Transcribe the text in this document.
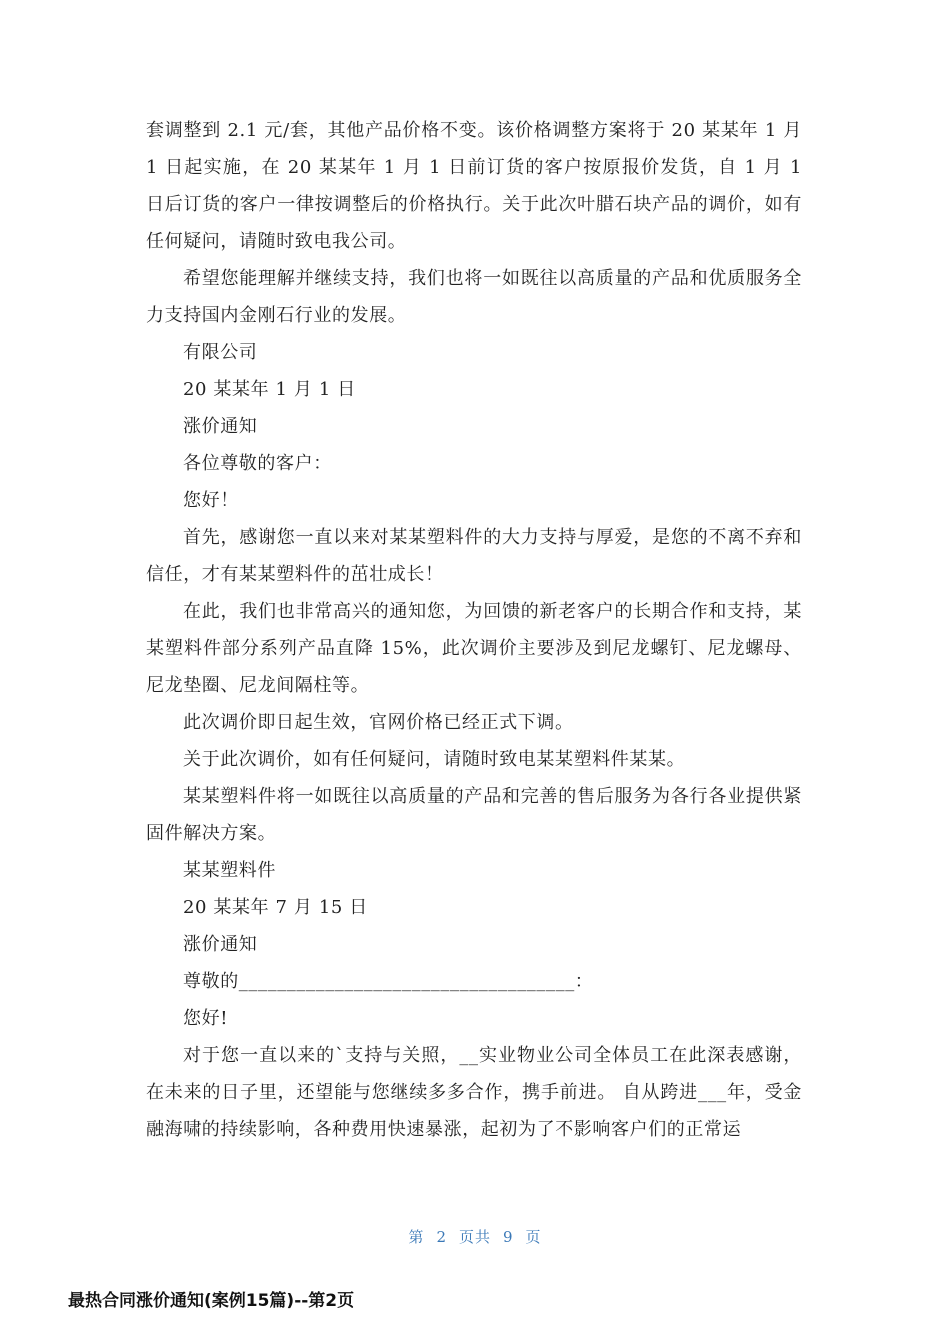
套调整到 2.1 元/套，其他产品价格不变。该价格调整方案将于 20 某某年 1 月 1 日起实施，在 20 某某年 1 月 1 日前订货的客户按原报价发货，自 1 月 1 日后订货的客户一律按调整后的价格执行。关于此次叶腊石块产品的调价，如有任何疑问，请随时致电我公司。

希望您能理解并继续支持，我们也将一如既往以高质量的产品和优质服务全力支持国内金刚石行业的发展。

有限公司

20 某某年 1 月 1 日

涨价通知

各位尊敬的客户：

您好！

首先，感谢您一直以来对某某塑料件的大力支持与厚爱，是您的不离不弃和信任，才有某某塑料件的茁壮成长！

在此，我们也非常高兴的通知您，为回馈的新老客户的长期合作和支持，某某塑料件部分系列产品直降 15%，此次调价主要涉及到尼龙螺钉、尼龙螺母、尼龙垫圈、尼龙间隔柱等。

此次调价即日起生效，官网价格已经正式下调。

关于此次调价，如有任何疑问，请随时致电某某塑料件某某。

某某塑料件将一如既往以高质量的产品和完善的售后服务为各行各业提供紧固件解决方案。

某某塑料件

20 某某年 7 月 15 日

涨价通知

尊敬的___________________________________：

您好!

对于您一直以来的`支持与关照，__实业物业公司全体员工在此深表感谢，在未来的日子里，还望能与您继续多多合作，携手前进。 自从跨进___年，受金融海啸的持续影响，各种费用快速暴涨，起初为了不影响客户们的正常运

第 2 页共 9 页
最热合同涨价通知(案例15篇)--第2页
